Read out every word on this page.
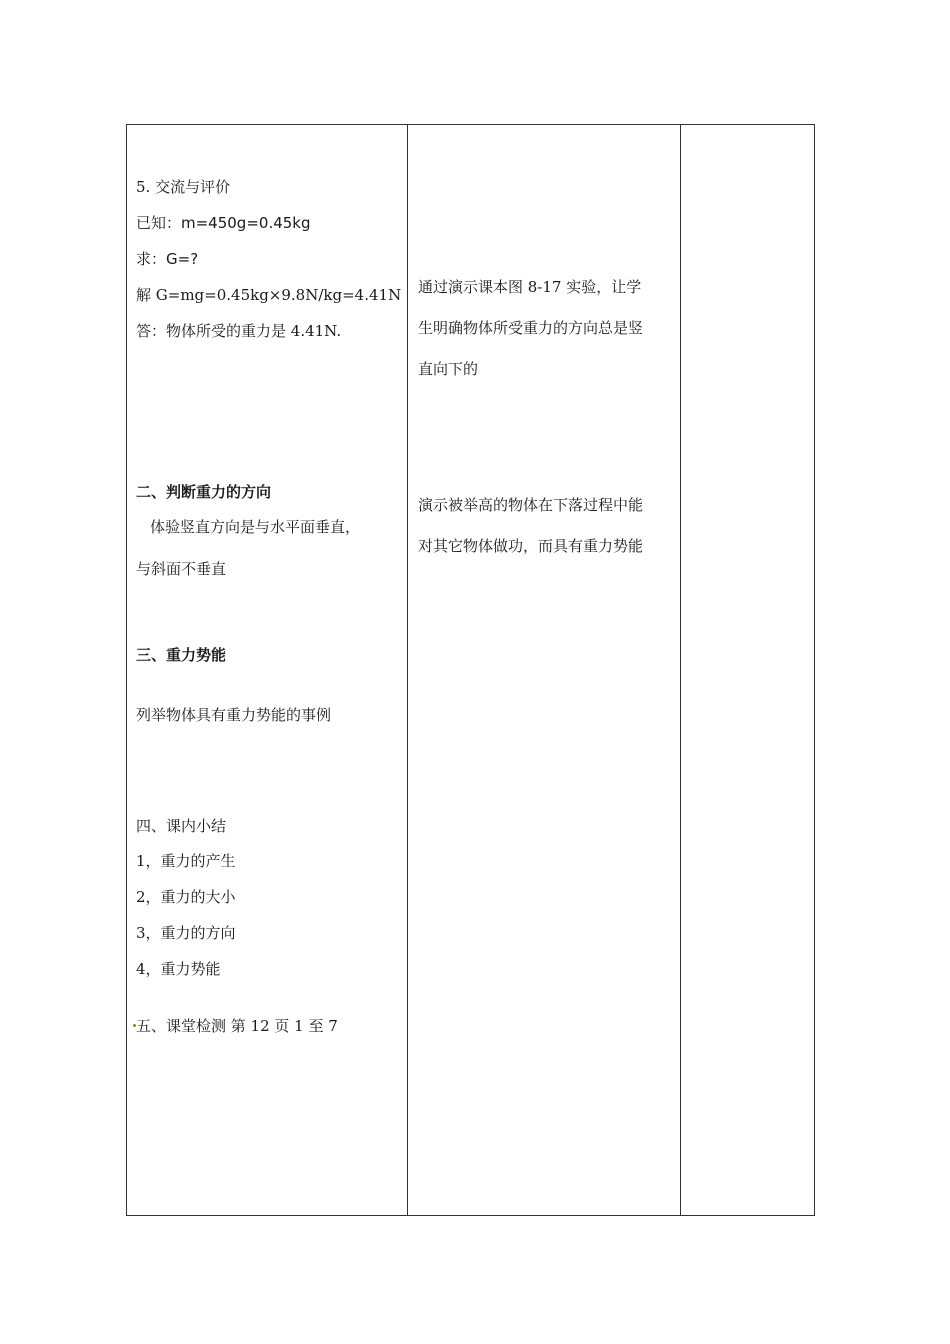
5. 交流与评价
已知：m=450g=0.45kg
求：G=?
解 G=mg=0.45kg×9.8N/kg=4.41N
答：物体所受的重力是 4.41N.
二、判断重力的方向
体验竖直方向是与水平面垂直，
与斜面不垂直
三、重力势能
列举物体具有重力势能的事例
四、课内小结
1，重力的产生
2，重力的大小
3，重力的方向
4，重力势能
五、课堂检测 第 12 页 1 至 7
通过演示课本图 8-17 实验，让学
生明确物体所受重力的方向总是竖
直向下的
演示被举高的物体在下落过程中能
对其它物体做功，而具有重力势能
